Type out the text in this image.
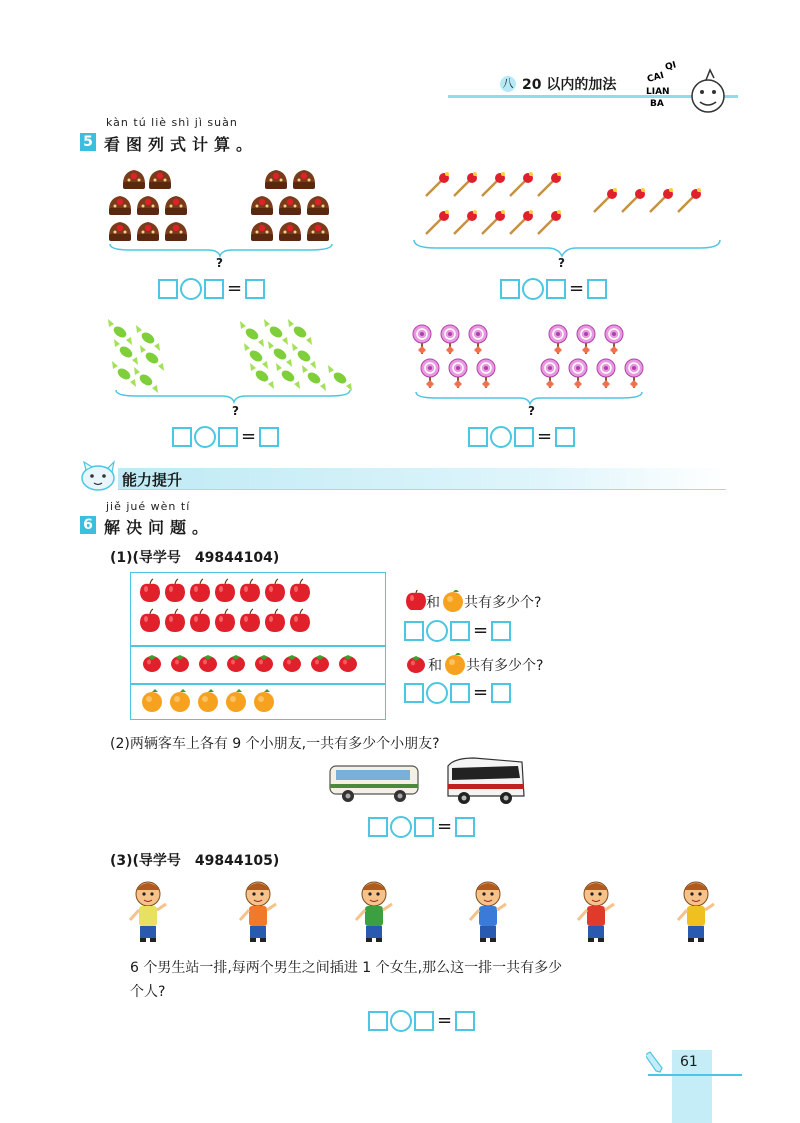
八 20 以内的加法
QI
CAI
LIAN
BA
kàn tú liè shì jì suàn
5 看图列式计算。
?
=
?
=
?
=
?
=
能力提升
jiě jué wèn tí
6 解决问题。
(1)(导学号　49844104)
和 共有多少个?
=
和 共有多少个?
=
(2)两辆客车上各有 9 个小朋友,一共有多少个小朋友?
=
(3)(导学号　49844105)
6 个男生站一排,每两个男生之间插进 1 个女生,那么这一排一共有多少
个人?
=
61
